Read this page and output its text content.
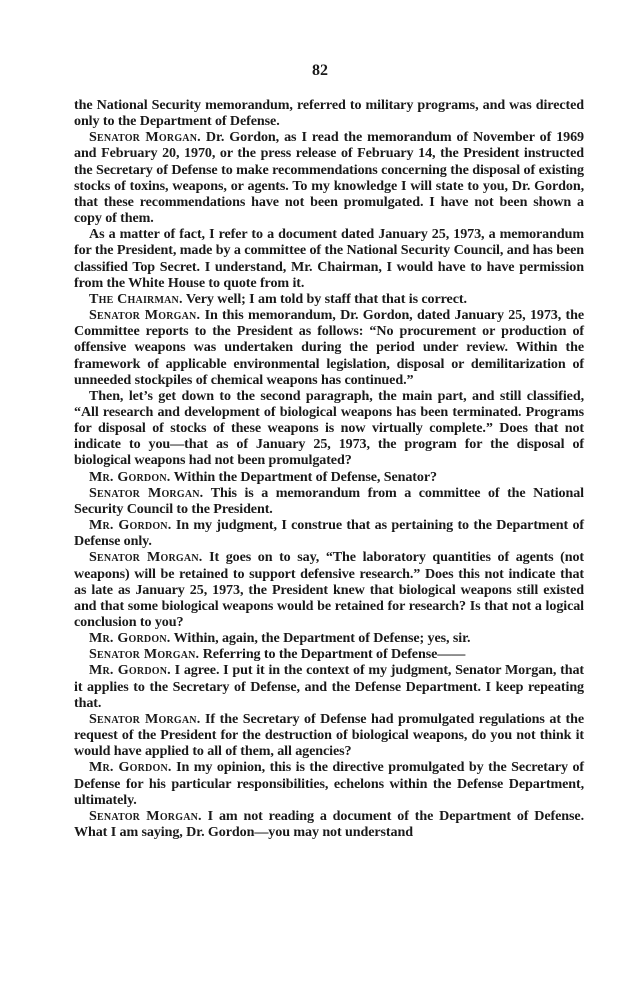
82

the National Security memorandum, referred to military programs, and was directed only to the Department of Defense.

Senator Morgan. Dr. Gordon, as I read the memorandum of November of 1969 and February 20, 1970, or the press release of February 14, the President instructed the Secretary of Defense to make recommendations concerning the disposal of existing stocks of toxins, weapons, or agents. To my knowledge I will state to you, Dr. Gordon, that these recommendations have not been promulgated. I have not been shown a copy of them.

As a matter of fact, I refer to a document dated January 25, 1973, a memorandum for the President, made by a committee of the National Security Council, and has been classified Top Secret. I understand, Mr. Chairman, I would have to have permission from the White House to quote from it.

The Chairman. Very well; I am told by staff that that is correct.

Senator Morgan. In this memorandum, Dr. Gordon, dated January 25, 1973, the Committee reports to the President as follows: “No procurement or production of offensive weapons was undertaken during the period under review. Within the framework of applicable environmental legislation, disposal or demilitarization of unneeded stockpiles of chemical weapons has continued.”

Then, let’s get down to the second paragraph, the main part, and still classified, “All research and development of biological weapons has been terminated. Programs for disposal of stocks of these weapons is now virtually complete.” Does that not indicate to you—that as of January 25, 1973, the program for the disposal of biological weapons had not been promulgated?

Mr. Gordon. Within the Department of Defense, Senator?

Senator Morgan. This is a memorandum from a committee of the National Security Council to the President.

Mr. Gordon. In my judgment, I construe that as pertaining to the Department of Defense only.

Senator Morgan. It goes on to say, “The laboratory quantities of agents (not weapons) will be retained to support defensive research.” Does this not indicate that as late as January 25, 1973, the President knew that biological weapons still existed and that some biological weapons would be retained for research? Is that not a logical conclusion to you?

Mr. Gordon. Within, again, the Department of Defense; yes, sir.

Senator Morgan. Referring to the Department of Defense——

Mr. Gordon. I agree. I put it in the context of my judgment, Senator Morgan, that it applies to the Secretary of Defense, and the Defense Department. I keep repeating that.

Senator Morgan. If the Secretary of Defense had promulgated regulations at the request of the President for the destruction of biological weapons, do you not think it would have applied to all of them, all agencies?

Mr. Gordon. In my opinion, this is the directive promulgated by the Secretary of Defense for his particular responsibilities, echelons within the Defense Department, ultimately.

Senator Morgan. I am not reading a document of the Department of Defense. What I am saying, Dr. Gordon—you may not understand
